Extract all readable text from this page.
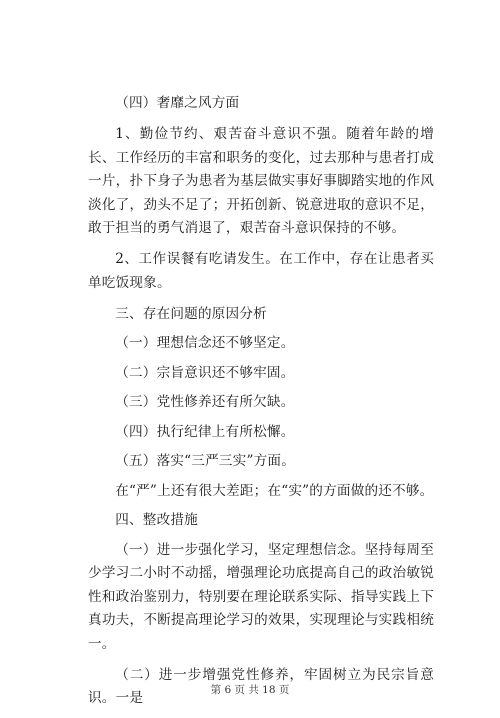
（四）奢靡之风方面

1、勤俭节约、艰苦奋斗意识不强。随着年龄的增长、工作经历的丰富和职务的变化，过去那种与患者打成一片，扑下身子为患者为基层做实事好事脚踏实地的作风淡化了，劲头不足了；开拓创新、锐意进取的意识不足，敢于担当的勇气消退了，艰苦奋斗意识保持的不够。

2、工作误餐有吃请发生。在工作中，存在让患者买单吃饭现象。

三、存在问题的原因分析

（一）理想信念还不够坚定。

（二）宗旨意识还不够牢固。

（三）党性修养还有所欠缺。

（四）执行纪律上有所松懈。

（五）落实“三严三实”方面。

在“严”上还有很大差距；在“实”的方面做的还不够。

四、整改措施

（一）进一步强化学习，坚定理想信念。坚持每周至少学习二小时不动摇，增强理论功底提高自己的政治敏锐性和政治鉴别力，特别要在理论联系实际、指导实践上下真功夫，不断提高理论学习的效果，实现理论与实践相统一。

（二）进一步增强党性修养，牢固树立为民宗旨意识。一是	第 6 页 共 18 页
